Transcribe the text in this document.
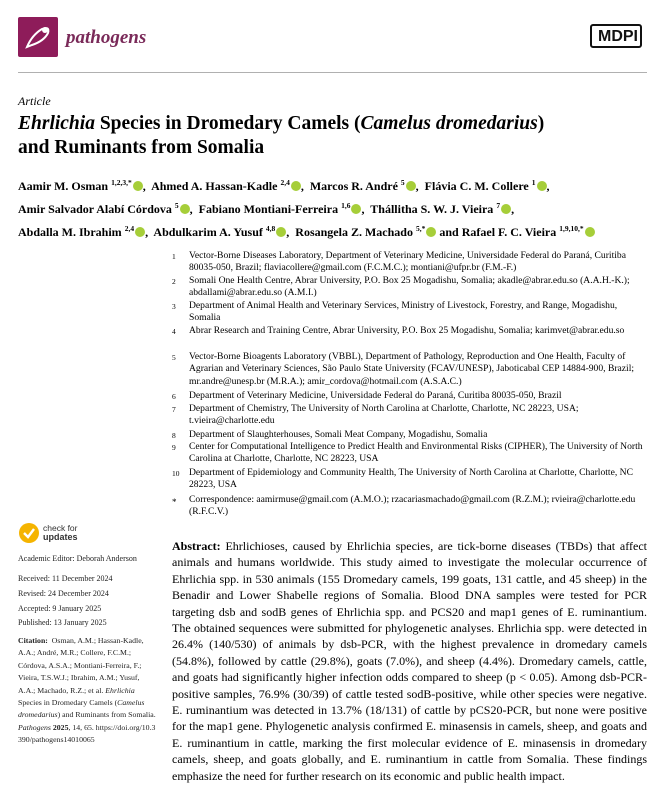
pathogens	MDPI
Article
Ehrlichia Species in Dromedary Camels (Camelus dromedarius)
and Ruminants from Somalia
Aamir M. Osman $^{1,2,3,*}$ ,  Ahmed A. Hassan-Kadle $^{2,4}$ ,  Marcos R. André $^5$ ,  Flávia C. M. Collere $^1$ ,
Amir Salvador Alabí Córdova $^5$ ,  Fabiano Montiani-Ferreira $^{1,6}$ ,  Thállitha S. W. J. Vieira $^7$ ,
Abdalla M. Ibrahim $^{2,4}$ ,  Abdulkarim A. Yusuf $^{4,8}$ ,  Rosangela Z. Machado $^{5,*}$ and Rafael F. C. Vieira $^{1,9,10,*}$
1 Vector-Borne Diseases Laboratory, Department of Veterinary Medicine, Universidade Federal do Paraná, Curitiba 80035-050, Brazil; flaviacollere@gmail.com (F.C.M.C.); montiani@ufpr.br (F.M.-F.)
2 Somali One Health Centre, Abrar University, P.O. Box 25 Mogadishu, Somalia; akadle@abrar.edu.so (A.A.H.-K.); abdallami@abrar.edu.so (A.M.I.)
3 Department of Animal Health and Veterinary Services, Ministry of Livestock, Forestry, and Range, Mogadishu, Somalia
4 Abrar Research and Training Centre, Abrar University, P.O. Box 25 Mogadishu, Somalia; karimvet@abrar.edu.so
5 Vector-Borne Bioagents Laboratory (VBBL), Department of Pathology, Reproduction and One Health, Faculty of Agrarian and Veterinary Sciences, São Paulo State University (FCAV/UNESP), Jaboticabal CEP 14884-900, Brazil; mr.andre@unesp.br (M.R.A.); amir_cordova@hotmail.com (A.S.A.C.)
6 Department of Veterinary Medicine, Universidade Federal do Paraná, Curitiba 80035-050, Brazil
7 Department of Chemistry, The University of North Carolina at Charlotte, Charlotte, NC 28223, USA; t.vieira@charlotte.edu
8 Department of Slaughterhouses, Somali Meat Company, Mogadishu, Somalia
9 Center for Computational Intelligence to Predict Health and Environmental Risks (CIPHER), The University of North Carolina at Charlotte, Charlotte, NC 28223, USA
10 Department of Epidemiology and Community Health, The University of North Carolina at Charlotte, Charlotte, NC 28223, USA
* Correspondence: aamirmuse@gmail.com (A.M.O.); rzacariasmachado@gmail.com (R.Z.M.); rvieira@charlotte.edu (R.F.C.V.)
check for
updates
Academic Editor: Deborah Anderson
Received: 11 December 2024
Revised: 24 December 2024
Accepted: 9 January 2025
Published: 13 January 2025
Citation: Osman, A.M.; Hassan-Kadle, A.A.; André, M.R.; Collere, F.C.M.; Córdova, A.S.A.; Montiani-Ferreira, F.; Vieira, T.S.W.J.; Ibrahim, A.M.; Yusuf, A.A.; Machado, R.Z.; et al. Ehrlichia Species in Dromedary Camels (Camelus dromedarius) and Ruminants from Somalia. Pathogens 2025, 14, 65. https://doi.org/10.3390/pathogens14010065
Abstract: Ehrlichioses, caused by Ehrlichia species, are tick-borne diseases (TBDs) that affect animals and humans worldwide. This study aimed to investigate the molecular occurrence of Ehrlichia spp. in 530 animals (155 Dromedary camels, 199 goats, 131 cattle, and 45 sheep) in the Benadir and Lower Shabelle regions of Somalia. Blood DNA samples were tested for PCR targeting dsb and sodB genes of Ehrlichia spp. and PCS20 and map1 genes of E. ruminantium. The obtained sequences were submitted for phylogenetic analyses. Ehrlichia spp. were detected in 26.4% (140/530) of animals by dsb-PCR, with the highest prevalence in dromedary camels (54.8%), followed by cattle (29.8%), goats (7.0%), and sheep (4.4%). Dromedary camels, cattle, and goats had significantly higher infection odds compared to sheep (p < 0.05). Among dsb-PCR-positive samples, 76.9% (30/39) of cattle tested sodB-positive, while other species were negative. E. ruminantium was detected in 13.7% (18/131) of cattle by pCS20-PCR, but none were positive for the map1 gene. Phylogenetic analysis confirmed E. minasensis in camels, sheep, and goats and E. ruminantium in cattle, marking the first molecular evidence of E. minasensis in dromedary camels, sheep, and goats globally, and E. ruminantium in cattle from Somalia. These findings emphasize the need for further research on its economic and public health impact.
